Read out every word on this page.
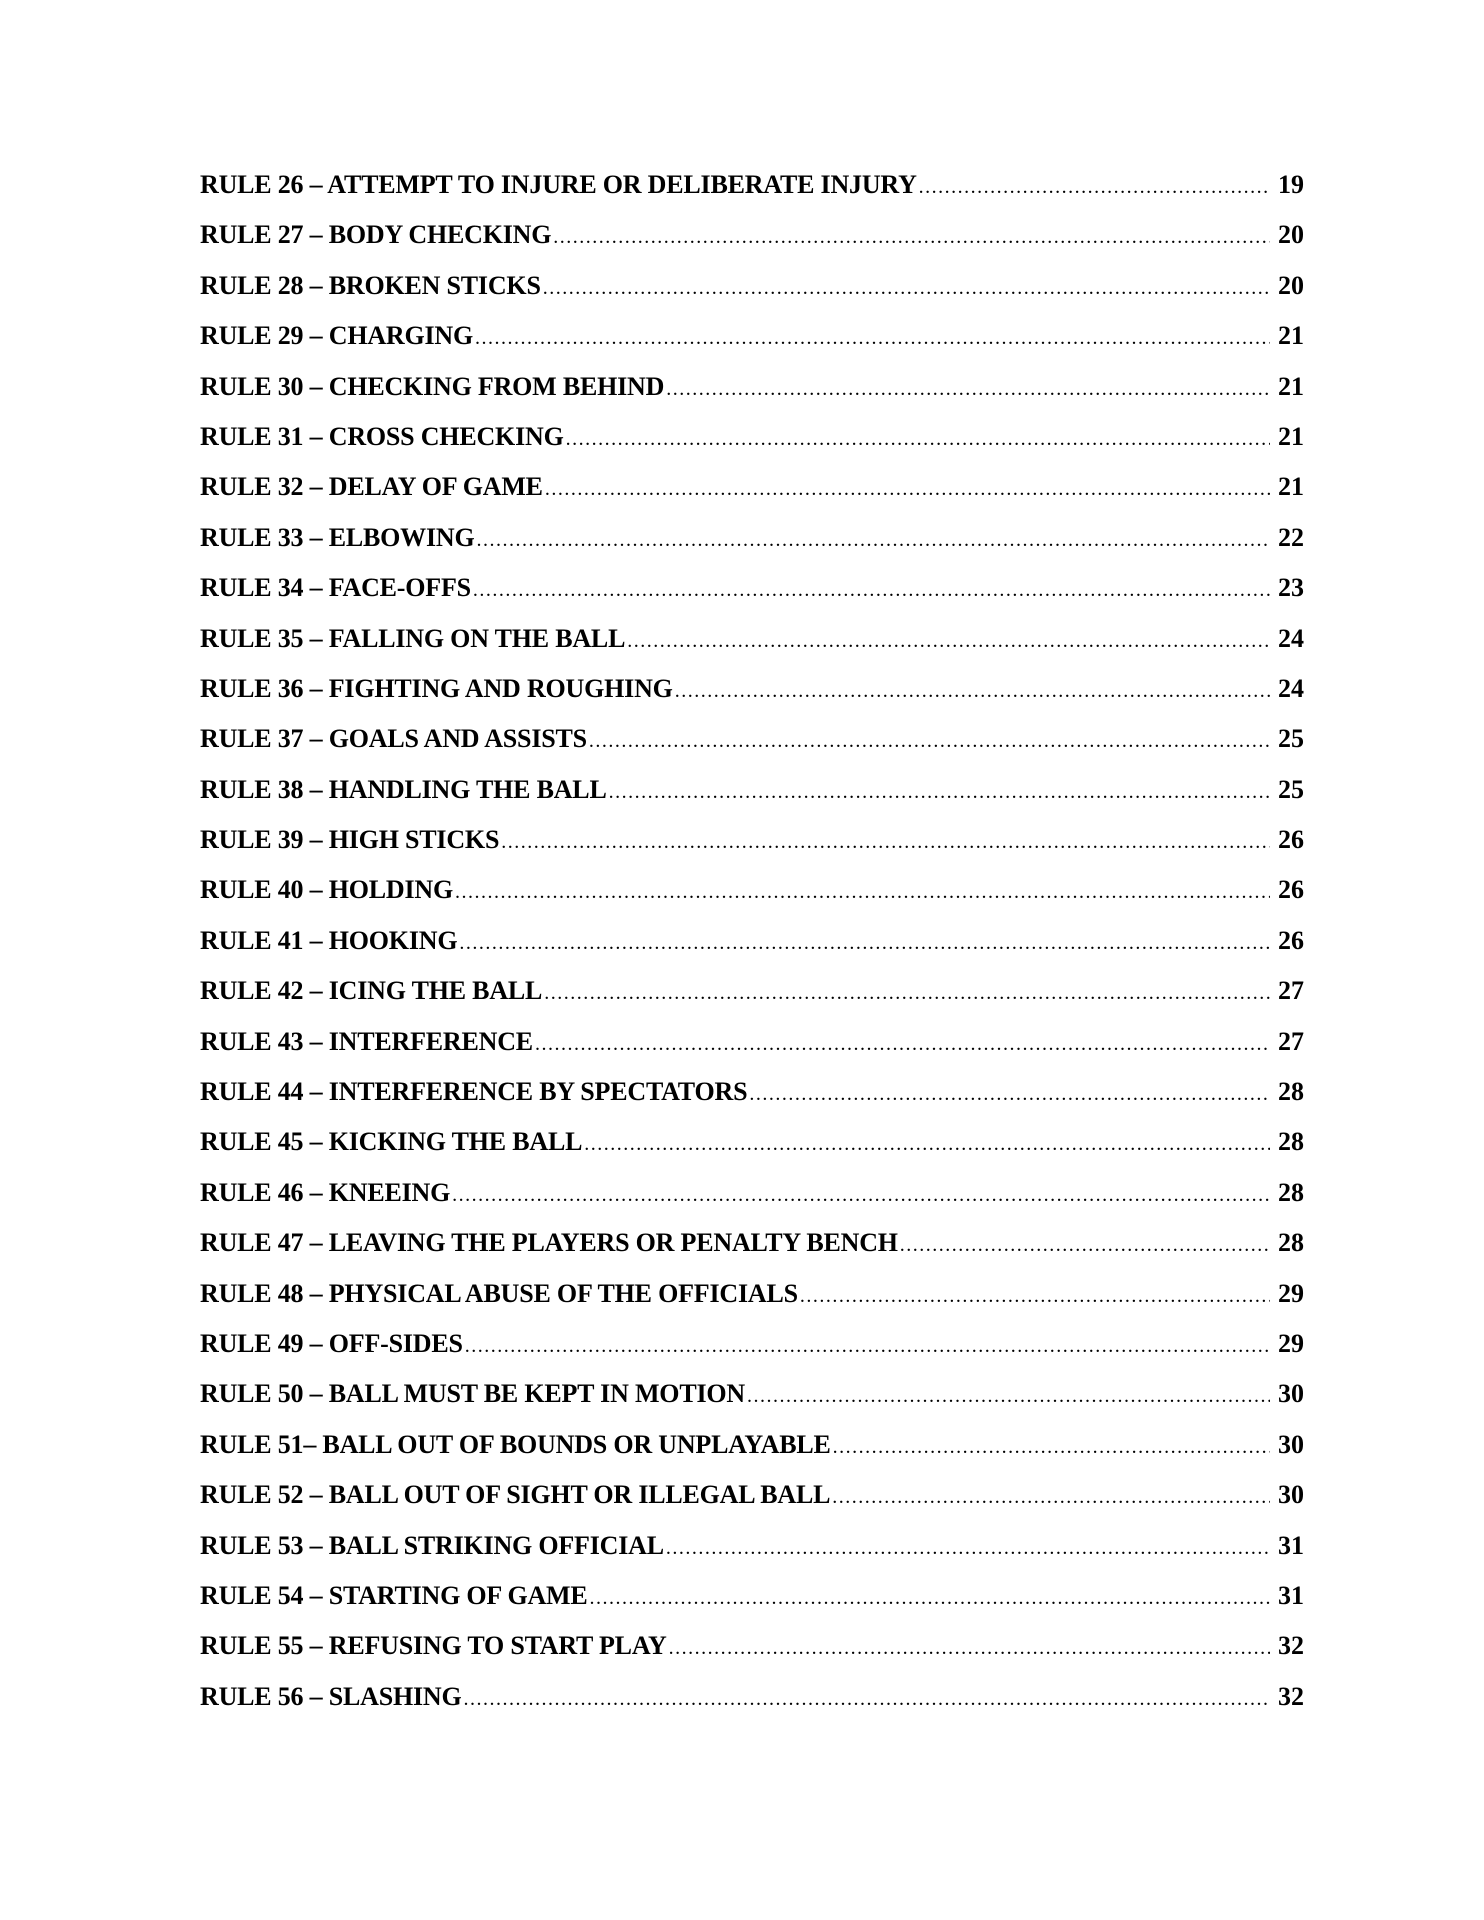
RULE 26 – ATTEMPT TO INJURE OR DELIBERATE INJURY .....	19
RULE 27 – BODY CHECKING .....	20
RULE 28 – BROKEN STICKS .....	20
RULE 29 – CHARGING .....	21
RULE 30 – CHECKING FROM BEHIND .....	21
RULE 31 – CROSS CHECKING .....	21
RULE 32 – DELAY OF GAME .....	21
RULE 33 – ELBOWING .....	22
RULE 34 – FACE-OFFS .....	23
RULE 35 – FALLING ON THE BALL .....	24
RULE 36 – FIGHTING AND ROUGHING .....	24
RULE 37 – GOALS AND ASSISTS .....	25
RULE 38 – HANDLING THE BALL .....	25
RULE 39 – HIGH STICKS .....	26
RULE 40 – HOLDING .....	26
RULE 41 – HOOKING .....	26
RULE 42 – ICING THE BALL .....	27
RULE 43 – INTERFERENCE .....	27
RULE 44 – INTERFERENCE BY SPECTATORS .....	28
RULE 45 – KICKING THE BALL .....	28
RULE 46 – KNEEING .....	28
RULE 47 – LEAVING THE PLAYERS OR PENALTY BENCH .....	28
RULE 48 – PHYSICAL ABUSE OF THE OFFICIALS .....	29
RULE 49 – OFF-SIDES .....	29
RULE 50 – BALL MUST BE KEPT IN MOTION .....	30
RULE 51– BALL OUT OF BOUNDS OR UNPLAYABLE .....	30
RULE 52 – BALL OUT OF SIGHT OR ILLEGAL BALL .....	30
RULE 53 – BALL STRIKING OFFICIAL .....	31
RULE 54 – STARTING OF GAME .....	31
RULE 55 – REFUSING TO START PLAY .....	32
RULE 56 – SLASHING .....	32
